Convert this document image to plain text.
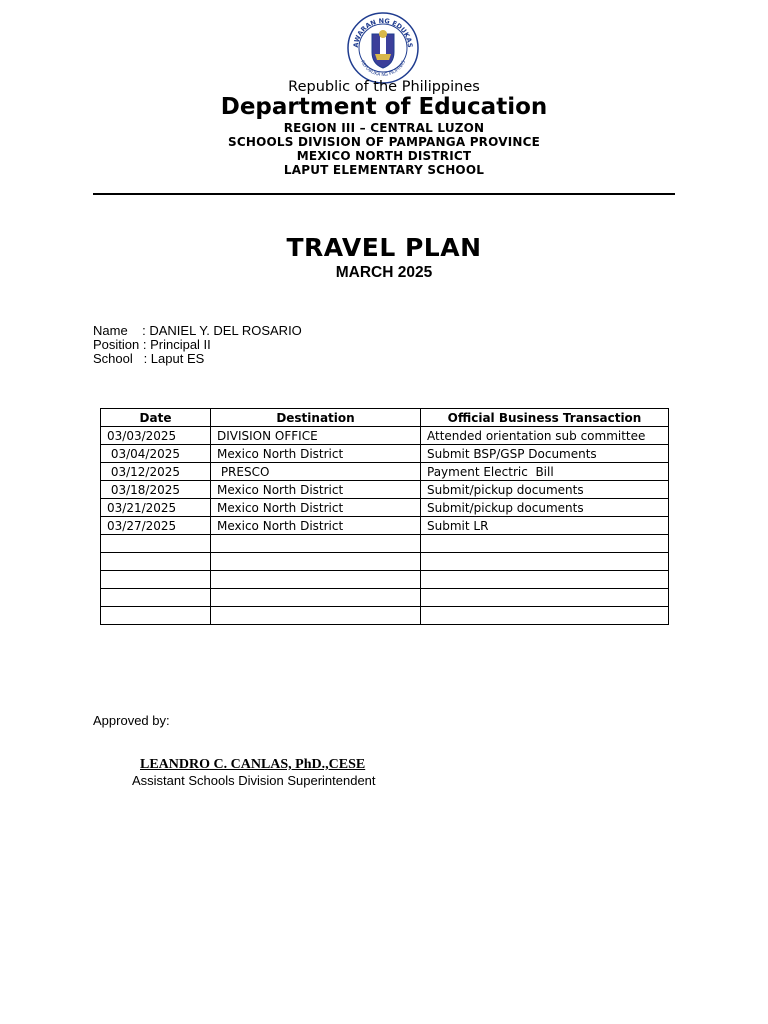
AWARAN NG EDUKAS
REPUBLIKA NG PILIPINAS
Republic of the Philippines
Department of Education
REGION III – CENTRAL LUZON
SCHOOLS DIVISION OF PAMPANGA PROVINCE
MEXICO NORTH DISTRICT
LAPUT ELEMENTARY SCHOOL
TRAVEL PLAN
MARCH 2025
Name    : DANIEL Y. DEL ROSARIO
Position : Principal II
School   : Laput ES
Date	Destination	Official Business Transaction
03/03/2025	DIVISION OFFICE	Attended orientation sub committee
03/04/2025	Mexico North District	Submit BSP/GSP Documents
03/12/2025	PRESCO	Payment Electric  Bill
03/18/2025	Mexico North District	Submit/pickup documents
03/21/2025	Mexico North District	Submit/pickup documents
03/27/2025	Mexico North District	Submit LR

Approved by:
LEANDRO C. CANLAS, PhD.,CESE
Assistant Schools Division Superintendent
